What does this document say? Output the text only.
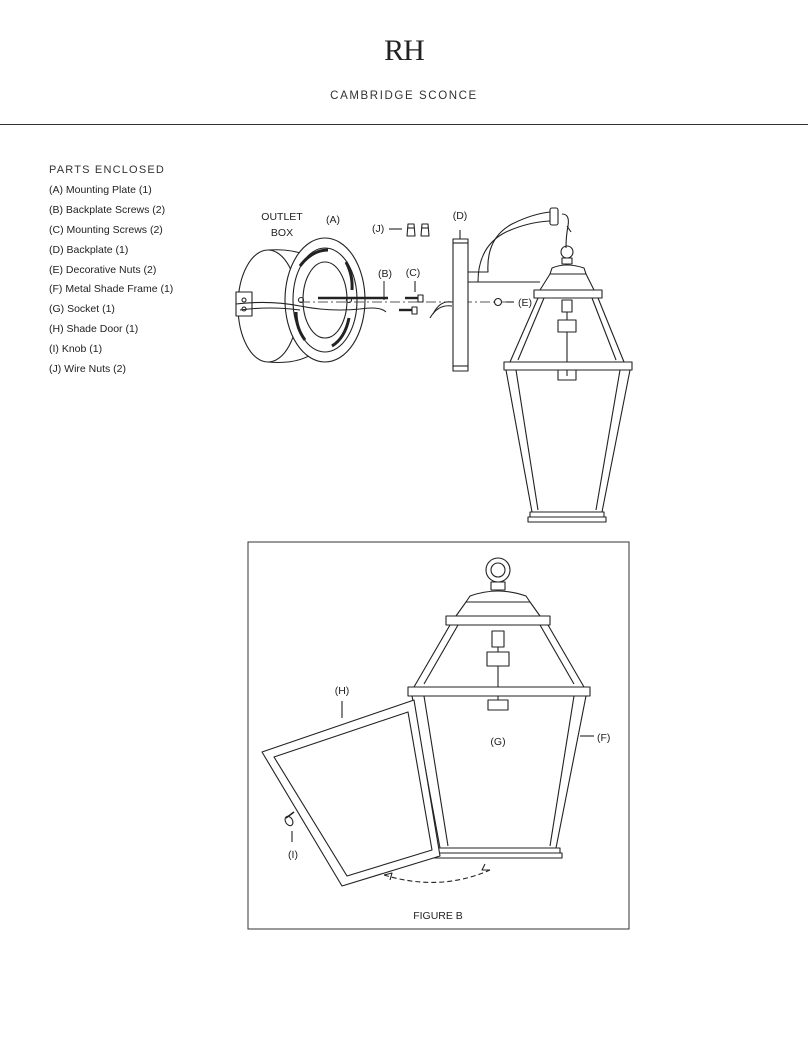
RH
CAMBRIDGE SCONCE
PARTS ENCLOSED
(A) Mounting Plate (1)
(B) Backplate Screws (2)
(C) Mounting Screws (2)
(D) Backplate (1)
(E) Decorative Nuts (2)
(F) Metal Shade Frame (1)
(G) Socket (1)
(H) Shade Door (1)
(I) Knob (1)
(J) Wire Nuts (2)
OUTLET
BOX
(A)
(B) (C)
(D)
(E)
(J)
(H)
(G)	(F)
(I)
FIGURE B
